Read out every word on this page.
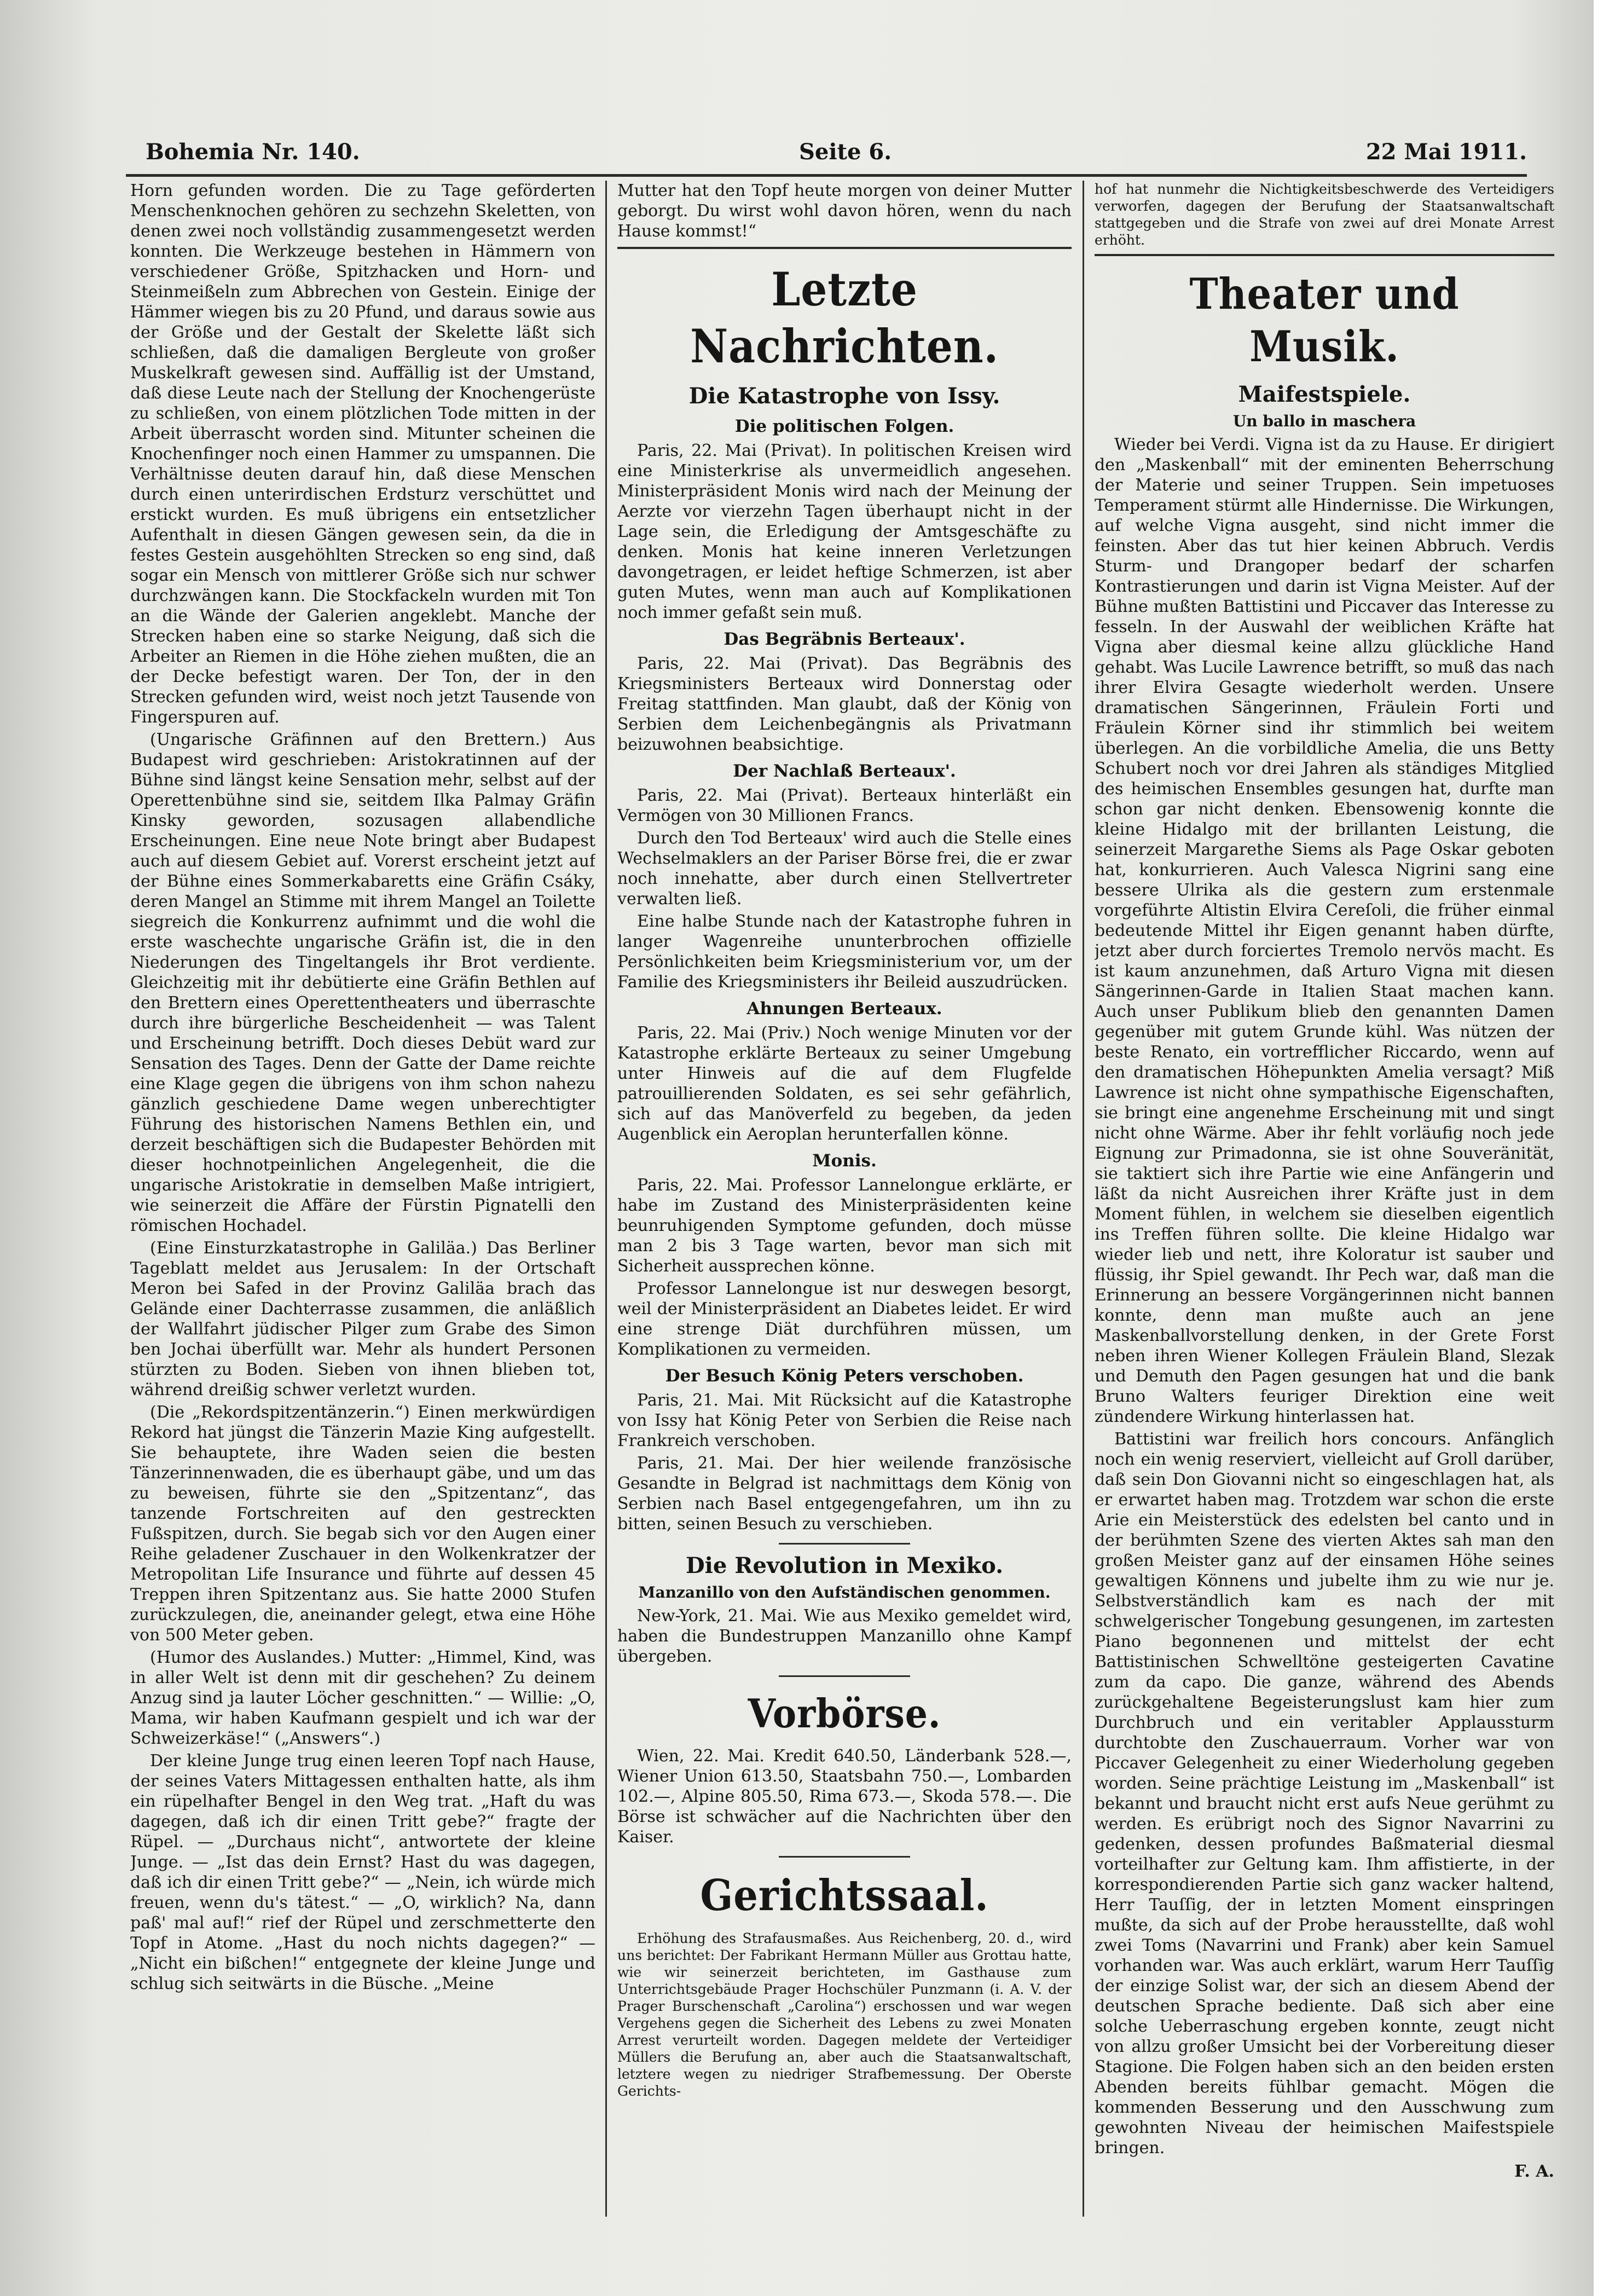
Bohemia Nr. 140.	Seite 6.	22 Mai 1911.

Horn gefunden worden. Die zu Tage geförderten Menschenknochen gehören zu sechzehn Skeletten, von denen zwei noch vollständig zusammengesetzt werden konnten. Die Werkzeuge bestehen in Hämmern von verschiedener Größe, Spitzhacken und Horn- und Steinmeißeln zum Abbrechen von Gestein. Einige der Hämmer wiegen bis zu 20 Pfund, und daraus sowie aus der Größe und der Gestalt der Skelette läßt sich schließen, daß die damaligen Bergleute von großer Muskelkraft gewesen sind. Auffällig ist der Umstand, daß diese Leute nach der Stellung der Knochengerüste zu schließen, von einem plötzlichen Tode mitten in der Arbeit überrascht worden sind. Mitunter scheinen die Knochenfinger noch einen Hammer zu umspannen. Die Verhältnisse deuten darauf hin, daß diese Menschen durch einen unterirdischen Erdsturz verschüttet und erstickt wurden. Es muß übrigens ein entsetzlicher Aufenthalt in diesen Gängen gewesen sein, da die in festes Gestein ausgehöhlten Strecken so eng sind, daß sogar ein Mensch von mittlerer Größe sich nur schwer durchzwängen kann. Die Stockfackeln wurden mit Ton an die Wände der Galerien angeklebt. Manche der Strecken haben eine so starke Neigung, daß sich die Arbeiter an Riemen in die Höhe ziehen mußten, die an der Decke befestigt waren. Der Ton, der in den Strecken gefunden wird, weist noch jetzt Tausende von Fingerspuren auf.

(Ungarische Gräfinnen auf den Brettern.) Aus Budapest wird geschrieben: Aristokratinnen auf der Bühne sind längst keine Sensation mehr, selbst auf der Operettenbühne sind sie, seitdem Ilka Palmay Gräfin Kinsky geworden, sozusagen allabendliche Erscheinungen. Eine neue Note bringt aber Budapest auch auf diesem Gebiet auf. Vorerst erscheint jetzt auf der Bühne eines Sommerkabaretts eine Gräfin Csáky, deren Mangel an Stimme mit ihrem Mangel an Toilette siegreich die Konkurrenz aufnimmt und die wohl die erste waschechte ungarische Gräfin ist, die in den Niederungen des Tingeltangels ihr Brot verdiente. Gleichzeitig mit ihr debütierte eine Gräfin Bethlen auf den Brettern eines Operettentheaters und überraschte durch ihre bürgerliche Bescheidenheit — was Talent und Erscheinung betrifft. Doch dieses Debüt ward zur Sensation des Tages. Denn der Gatte der Dame reichte eine Klage gegen die übrigens von ihm schon nahezu gänzlich geschiedene Dame wegen unberechtigter Führung des historischen Namens Bethlen ein, und derzeit beschäftigen sich die Budapester Behörden mit dieser hochnotpeinlichen Angelegenheit, die die ungarische Aristokratie in demselben Maße intrigiert, wie seinerzeit die Affäre der Fürstin Pignatelli den römischen Hochadel.

(Eine Einsturzkatastrophe in Galiläa.) Das Berliner Tageblatt meldet aus Jerusalem: In der Ortschaft Meron bei Safed in der Provinz Galiläa brach das Gelände einer Dachterrasse zusammen, die anläßlich der Wallfahrt jüdischer Pilger zum Grabe des Simon ben Jochai überfüllt war. Mehr als hundert Personen stürzten zu Boden. Sieben von ihnen blieben tot, während dreißig schwer verletzt wurden.

(Die „Rekordspitzentänzerin.“) Einen merkwürdigen Rekord hat jüngst die Tänzerin Mazie King aufgestellt. Sie behauptete, ihre Waden seien die besten Tänzerinnenwaden, die es überhaupt gäbe, und um das zu beweisen, führte sie den „Spitzentanz“, das tanzende Fortschreiten auf den gestreckten Fußspitzen, durch. Sie begab sich vor den Augen einer Reihe geladener Zuschauer in den Wolkenkratzer der Metropolitan Life Insurance und führte auf dessen 45 Treppen ihren Spitzentanz aus. Sie hatte 2000 Stufen zurückzulegen, die, aneinander gelegt, etwa eine Höhe von 500 Meter geben.

(Humor des Auslandes.) Mutter: „Himmel, Kind, was in aller Welt ist denn mit dir geschehen? Zu deinem Anzug sind ja lauter Löcher geschnitten.“ — Willie: „O, Mama, wir haben Kaufmann gespielt und ich war der Schweizerkäse!“ („Answers“.)

Der kleine Junge trug einen leeren Topf nach Hause, der seines Vaters Mittagessen enthalten hatte, als ihm ein rüpelhafter Bengel in den Weg trat. „Haft du was dagegen, daß ich dir einen Tritt gebe?“ fragte der Rüpel. — „Durchaus nicht“, antwortete der kleine Junge. — „Ist das dein Ernst? Hast du was dagegen, daß ich dir einen Tritt gebe?“ — „Nein, ich würde mich freuen, wenn du's tätest.“ — „O, wirklich? Na, dann paß' mal auf!“ rief der Rüpel und zerschmetterte den Topf in Atome. „Hast du noch nichts dagegen?“ — „Nicht ein bißchen!“ entgegnete der kleine Junge und schlug sich seitwärts in die Büsche. „Meine

Mutter hat den Topf heute morgen von deiner Mutter geborgt. Du wirst wohl davon hören, wenn du nach Hause kommst!“

Letzte Nachrichten.
Die Katastrophe von Issy.
Die politischen Folgen.

Paris, 22. Mai (Privat). In politischen Kreisen wird eine Ministerkrise als unvermeidlich angesehen. Ministerpräsident Monis wird nach der Meinung der Aerzte vor vierzehn Tagen überhaupt nicht in der Lage sein, die Erledigung der Amtsgeschäfte zu denken. Monis hat keine inneren Verletzungen davongetragen, er leidet heftige Schmerzen, ist aber guten Mutes, wenn man auch auf Komplikationen noch immer gefaßt sein muß.

Das Begräbnis Berteaux'.

Paris, 22. Mai (Privat). Das Begräbnis des Kriegsministers Berteaux wird Donnerstag oder Freitag stattfinden. Man glaubt, daß der König von Serbien dem Leichenbegängnis als Privatmann beizuwohnen beabsichtige.

Der Nachlaß Berteaux'.

Paris, 22. Mai (Privat). Berteaux hinterläßt ein Vermögen von 30 Millionen Francs.

Durch den Tod Berteaux' wird auch die Stelle eines Wechselmaklers an der Pariser Börse frei, die er zwar noch innehatte, aber durch einen Stellvertreter verwalten ließ.

Eine halbe Stunde nach der Katastrophe fuhren in langer Wagenreihe ununterbrochen offizielle Persönlichkeiten beim Kriegsministerium vor, um der Familie des Kriegsministers ihr Beileid auszudrücken.

Ahnungen Berteaux.

Paris, 22. Mai (Priv.) Noch wenige Minuten vor der Katastrophe erklärte Berteaux zu seiner Umgebung unter Hinweis auf die auf dem Flugfelde patrouillierenden Soldaten, es sei sehr gefährlich, sich auf das Manöverfeld zu begeben, da jeden Augenblick ein Aeroplan herunterfallen könne.

Monis.

Paris, 22. Mai. Professor Lannelongue erklärte, er habe im Zustand des Ministerpräsidenten keine beunruhigenden Symptome gefunden, doch müsse man 2 bis 3 Tage warten, bevor man sich mit Sicherheit aussprechen könne.

Professor Lannelongue ist nur deswegen besorgt, weil der Ministerpräsident an Diabetes leidet. Er wird eine strenge Diät durchführen müssen, um Komplikationen zu vermeiden.

Der Besuch König Peters verschoben.

Paris, 21. Mai. Mit Rücksicht auf die Katastrophe von Issy hat König Peter von Serbien die Reise nach Frankreich verschoben.

Paris, 21. Mai. Der hier weilende französische Gesandte in Belgrad ist nachmittags dem König von Serbien nach Basel entgegengefahren, um ihn zu bitten, seinen Besuch zu verschieben.

Die Revolution in Mexiko.
Manzanillo von den Aufständischen genommen.

New-York, 21. Mai. Wie aus Mexiko gemeldet wird, haben die Bundestruppen Manzanillo ohne Kampf übergeben.

Vorbörse.

Wien, 22. Mai. Kredit 640.50, Länderbank 528.—, Wiener Union 613.50, Staatsbahn 750.—, Lombarden 102.—, Alpine 805.50, Rima 673.—, Skoda 578.—. Die Börse ist schwächer auf die Nachrichten über den Kaiser.

Gerichtssaal.

Erhöhung des Strafausmaßes. Aus Reichenberg, 20. d., wird uns berichtet: Der Fabrikant Hermann Müller aus Grottau hatte, wie wir seinerzeit berichteten, im Gasthause zum Unterrichtsgebäude Prager Hochschüler Punzmann (i. A. V. der Prager Burschenschaft „Carolina“) erschossen und war wegen Vergehens gegen die Sicherheit des Lebens zu zwei Monaten Arrest verurteilt worden. Dagegen meldete der Verteidiger Müllers die Berufung an, aber auch die Staatsanwaltschaft, letztere wegen zu niedriger Strafbemessung. Der Oberste Gerichts-

hof hat nunmehr die Nichtigkeitsbeschwerde des Verteidigers verworfen, dagegen der Berufung der Staatsanwaltschaft stattgegeben und die Strafe von zwei auf drei Monate Arrest erhöht.

Theater und Musik.
Maifestspiele.
Un ballo in maschera

Wieder bei Verdi. Vigna ist da zu Hause. Er dirigiert den „Maskenball“ mit der eminenten Beherrschung der Materie und seiner Truppen. Sein impetuoses Temperament stürmt alle Hindernisse. Die Wirkungen, auf welche Vigna ausgeht, sind nicht immer die feinsten. Aber das tut hier keinen Abbruch. Verdis Sturm- und Drangoper bedarf der scharfen Kontrastierungen und darin ist Vigna Meister. Auf der Bühne mußten Battistini und Piccaver das Interesse zu fesseln. In der Auswahl der weiblichen Kräfte hat Vigna aber diesmal keine allzu glückliche Hand gehabt. Was Lucile Lawrence betrifft, so muß das nach ihrer Elvira Gesagte wiederholt werden. Unsere dramatischen Sängerinnen, Fräulein Forti und Fräulein Körner sind ihr stimmlich bei weitem überlegen. An die vorbildliche Amelia, die uns Betty Schubert noch vor drei Jahren als ständiges Mitglied des heimischen Ensembles gesungen hat, durfte man schon gar nicht denken. Ebensowenig konnte die kleine Hidalgo mit der brillanten Leistung, die seinerzeit Margarethe Siems als Page Oskar geboten hat, konkurrieren. Auch Valesca Nigrini sang eine bessere Ulrika als die gestern zum erstenmale vorgeführte Altistin Elvira Cereſoli, die früher einmal bedeutende Mittel ihr Eigen genannt haben dürfte, jetzt aber durch forciertes Tremolo nervös macht. Es ist kaum anzunehmen, daß Arturo Vigna mit diesen Sängerinnen-Garde in Italien Staat machen kann. Auch unser Publikum blieb den genannten Damen gegenüber mit gutem Grunde kühl. Was nützen der beste Renato, ein vortrefflicher Riccardo, wenn auf den dramatischen Höhepunkten Amelia versagt? Miß Lawrence ist nicht ohne sympathische Eigenschaften, sie bringt eine angenehme Erscheinung mit und singt nicht ohne Wärme. Aber ihr fehlt vorläufig noch jede Eignung zur Primadonna, sie ist ohne Souveränität, sie taktiert sich ihre Partie wie eine Anfängerin und läßt da nicht Ausreichen ihrer Kräfte just in dem Moment fühlen, in welchem sie dieselben eigentlich ins Treffen führen sollte. Die kleine Hidalgo war wieder lieb und nett, ihre Koloratur ist sauber und flüssig, ihr Spiel gewandt. Ihr Pech war, daß man die Erinnerung an bessere Vorgängerinnen nicht bannen konnte, denn man mußte auch an jene Maskenballvorstellung denken, in der Grete Forst neben ihren Wiener Kollegen Fräulein Bland, Slezak und Demuth den Pagen gesungen hat und die bank Bruno Walters feuriger Direktion eine weit zündendere Wirkung hinterlassen hat.

Battistini war freilich hors concours. Anfänglich noch ein wenig reserviert, vielleicht auf Groll darüber, daß sein Don Giovanni nicht so eingeschlagen hat, als er erwartet haben mag. Trotzdem war schon die erste Arie ein Meisterstück des edelsten bel canto und in der berühmten Szene des vierten Aktes sah man den großen Meister ganz auf der einsamen Höhe seines gewaltigen Könnens und jubelte ihm zu wie nur je. Selbstverständlich kam es nach der mit schwelgerischer Tongebung gesungenen, im zartesten Piano begonnenen und mittelst der echt Battistinischen Schwelltöne gesteigerten Cavatine zum da capo. Die ganze, während des Abends zurückgehaltene Begeisterungslust kam hier zum Durchbruch und ein veritabler Applaussturm durchtobte den Zuschauerraum. Vorher war von Piccaver Gelegenheit zu einer Wiederholung gegeben worden. Seine prächtige Leistung im „Maskenball“ ist bekannt und braucht nicht erst aufs Neue gerühmt zu werden. Es erübrigt noch des Signor Navarrini zu gedenken, dessen profundes Baßmaterial diesmal vorteilhafter zur Geltung kam. Ihm affistierte, in der korrespondierenden Partie sich ganz wacker haltend, Herr Tauſſig, der in letzten Moment einspringen mußte, da sich auf der Probe herausstellte, daß wohl zwei Toms (Navarrini und Frank) aber kein Samuel vorhanden war. Was auch erklärt, warum Herr Tauſſig der einzige Solist war, der sich an diesem Abend der deutschen Sprache bediente. Daß sich aber eine solche Ueberraschung ergeben konnte, zeugt nicht von allzu großer Umsicht bei der Vorbereitung dieser Stagione. Die Folgen haben sich an den beiden ersten Abenden bereits fühlbar gemacht. Mögen die kommenden Besserung und den Ausschwung zum gewohnten Niveau der heimischen Maifestspiele bringen.

F. A.
